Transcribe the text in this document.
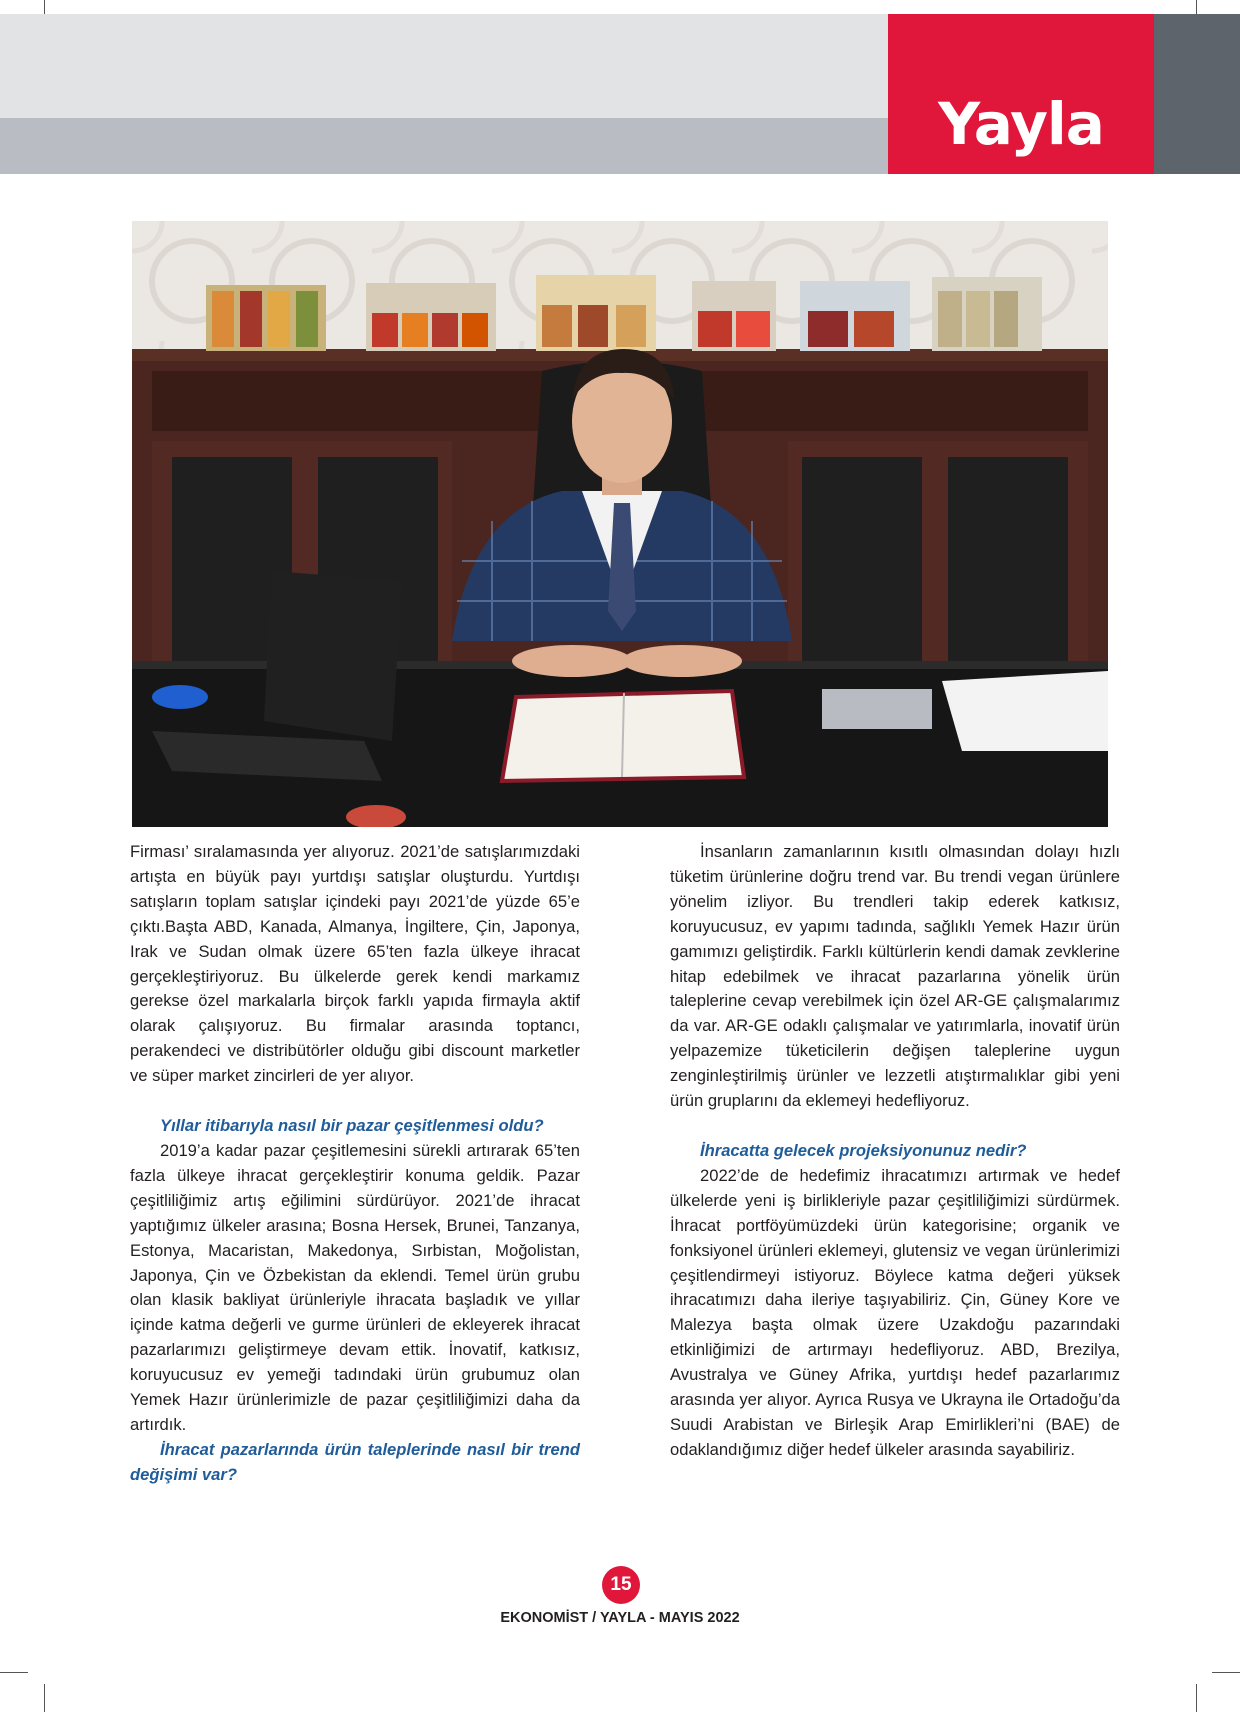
Yayla

Firması’ sıralamasında yer alıyoruz. 2021’de satışlarımızdaki artışta en büyük payı yurtdışı satışlar oluşturdu. Yurtdışı satışların toplam satışlar içindeki payı 2021’de yüzde 65’e çıktı.Başta ABD, Kanada, Almanya, İngiltere, Çin, Japonya, Irak ve Sudan olmak üzere 65’ten fazla ülkeye ihracat gerçekleştiriyoruz. Bu ülkelerde gerek kendi markamız gerekse özel markalarla birçok farklı yapıda firmayla aktif olarak çalışıyoruz. Bu firmalar arasında toptancı, perakendeci ve distribütörler olduğu gibi discount marketler ve süper market zincirleri de yer alıyor.

Yıllar itibarıyla nasıl bir pazar çeşitlenmesi oldu?

2019’a kadar pazar çeşitlemesini sürekli artırarak 65’ten fazla ülkeye ihracat gerçekleştirir konuma geldik. Pazar çeşitliliğimiz artış eğilimini sürdürüyor. 2021’de ihracat yaptığımız ülkeler arasına; Bosna Hersek, Brunei, Tanzanya, Estonya, Macaristan, Makedonya, Sırbistan, Moğolistan, Japonya, Çin ve Özbekistan da eklendi. Temel ürün grubu olan klasik bakliyat ürünleriyle ihracata başladık ve yıllar içinde katma değerli ve gurme ürünleri de ekleyerek ihracat pazarlarımızı geliştirmeye devam ettik. İnovatif, katkısız, koruyucusuz ev yemeği tadındaki ürün grubumuz olan Yemek Hazır ürünlerimizle de pazar çeşitliliğimizi daha da artırdık.

İhracat pazarlarında ürün taleplerinde nasıl bir trend değişimi var?

İnsanların zamanlarının kısıtlı olmasından dolayı hızlı tüketim ürünlerine doğru trend var. Bu trendi vegan ürünlere yönelim izliyor. Bu trendleri takip ederek katkısız, koruyucusuz, ev yapımı tadında, sağlıklı Yemek Hazır ürün gamımızı geliştirdik. Farklı kültürlerin kendi damak zevklerine hitap edebilmek ve ihracat pazarlarına yönelik ürün taleplerine cevap verebilmek için özel AR-GE çalışmalarımız da var. AR-GE odaklı çalışmalar ve yatırımlarla, inovatif ürün yelpazemize tüketicilerin değişen taleplerine uygun zenginleştirilmiş ürünler ve lezzetli atıştırmalıklar gibi yeni ürün gruplarını da eklemeyi hedefliyoruz.

İhracatta gelecek projeksiyonunuz nedir?

2022’de de hedefimiz ihracatımızı artırmak ve hedef ülkelerde yeni iş birlikleriyle pazar çeşitliliğimizi sürdürmek. İhracat portföyümüzdeki ürün kategorisine; organik ve fonksiyonel ürünleri eklemeyi, glutensiz ve vegan ürünlerimizi çeşitlendirmeyi istiyoruz. Böylece katma değeri yüksek ihracatımızı daha ileriye taşıyabiliriz. Çin, Güney Kore ve Malezya başta olmak üzere Uzakdoğu pazarındaki etkinliğimizi de artırmayı hedefliyoruz. ABD, Brezilya, Avustralya ve Güney Afrika, yurtdışı hedef pazarlarımız arasında yer alıyor. Ayrıca Rusya ve Ukrayna ile Ortadoğu’da Suudi Arabistan ve Birleşik Arap Emirlikleri’ni (BAE) de odaklandığımız diğer hedef ülkeler arasında sayabiliriz.

15
EKONOMİST / YAYLA - MAYIS 2022
